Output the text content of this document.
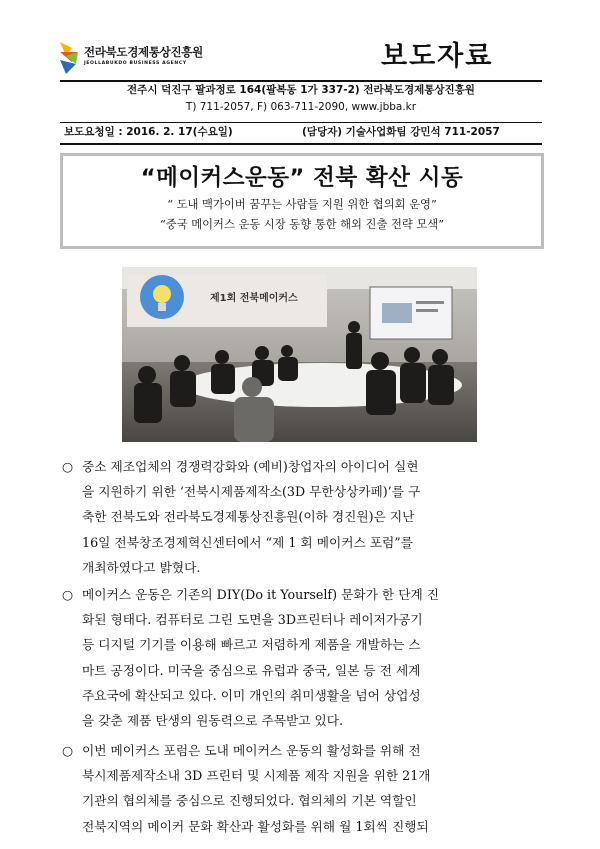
전라북도경제통상진흥원
JEOLLABUKDO BUSINESS AGENCY	보도자료
전주시 덕진구 팔과정로 164(팔복동 1가 337-2) 전라북도경제통상진흥원
T) 711-2057, F) 063-711-2090, www.jbba.kr
보도요청일 : 2016. 2. 17(수요일)	(담당자) 기술사업화팀 강민석 711-2057
“메이커스운동” 전북 확산 시동
“ 도내 맥가이버 꿈꾸는 사람들 지원 위한 협의회 운영”
“중국 메이커스 운동 시장 동향 통한 해외 진출 전략 모색”
제1회 전북메이커스
○ 중소 제조업체의 경쟁력강화와 (예비)창업자의 아이디어 실현
을 지원하기 위한 ‘전북시제품제작소(3D 무한상상카페)’를 구
축한 전북도와 전라북도경제통상진흥원(이하 경진원)은 지난
16일 전북창조경제혁신센터에서 “제 1 회 메이커스 포럼”를
개최하였다고 밝혔다.
○ 메이커스 운동은 기존의 DIY(Do it Yourself) 문화가 한 단계 진
화된 형태다. 컴퓨터로 그린 도면을 3D프린터나 레이저가공기
등 디지털 기기를 이용해 빠르고 저렴하게 제품을 개발하는 스
마트 공정이다. 미국을 중심으로 유럽과 중국, 일본 등 전 세계
주요국에 확산되고 있다. 이미 개인의 취미생활을 넘어 상업성
을 갖춘 제품 탄생의 원동력으로 주목받고 있다.
○ 이번 메이커스 포럼은 도내 메이커스 운동의 활성화를 위해 전
북시제품제작소내 3D 프린터 및 시제품 제작 지원을 위한 21개
기관의 협의체를 중심으로 진행되었다. 협의체의 기본 역할인
전북지역의 메이커 문화 확산과 활성화를 위해 월 1회씩 진행되
